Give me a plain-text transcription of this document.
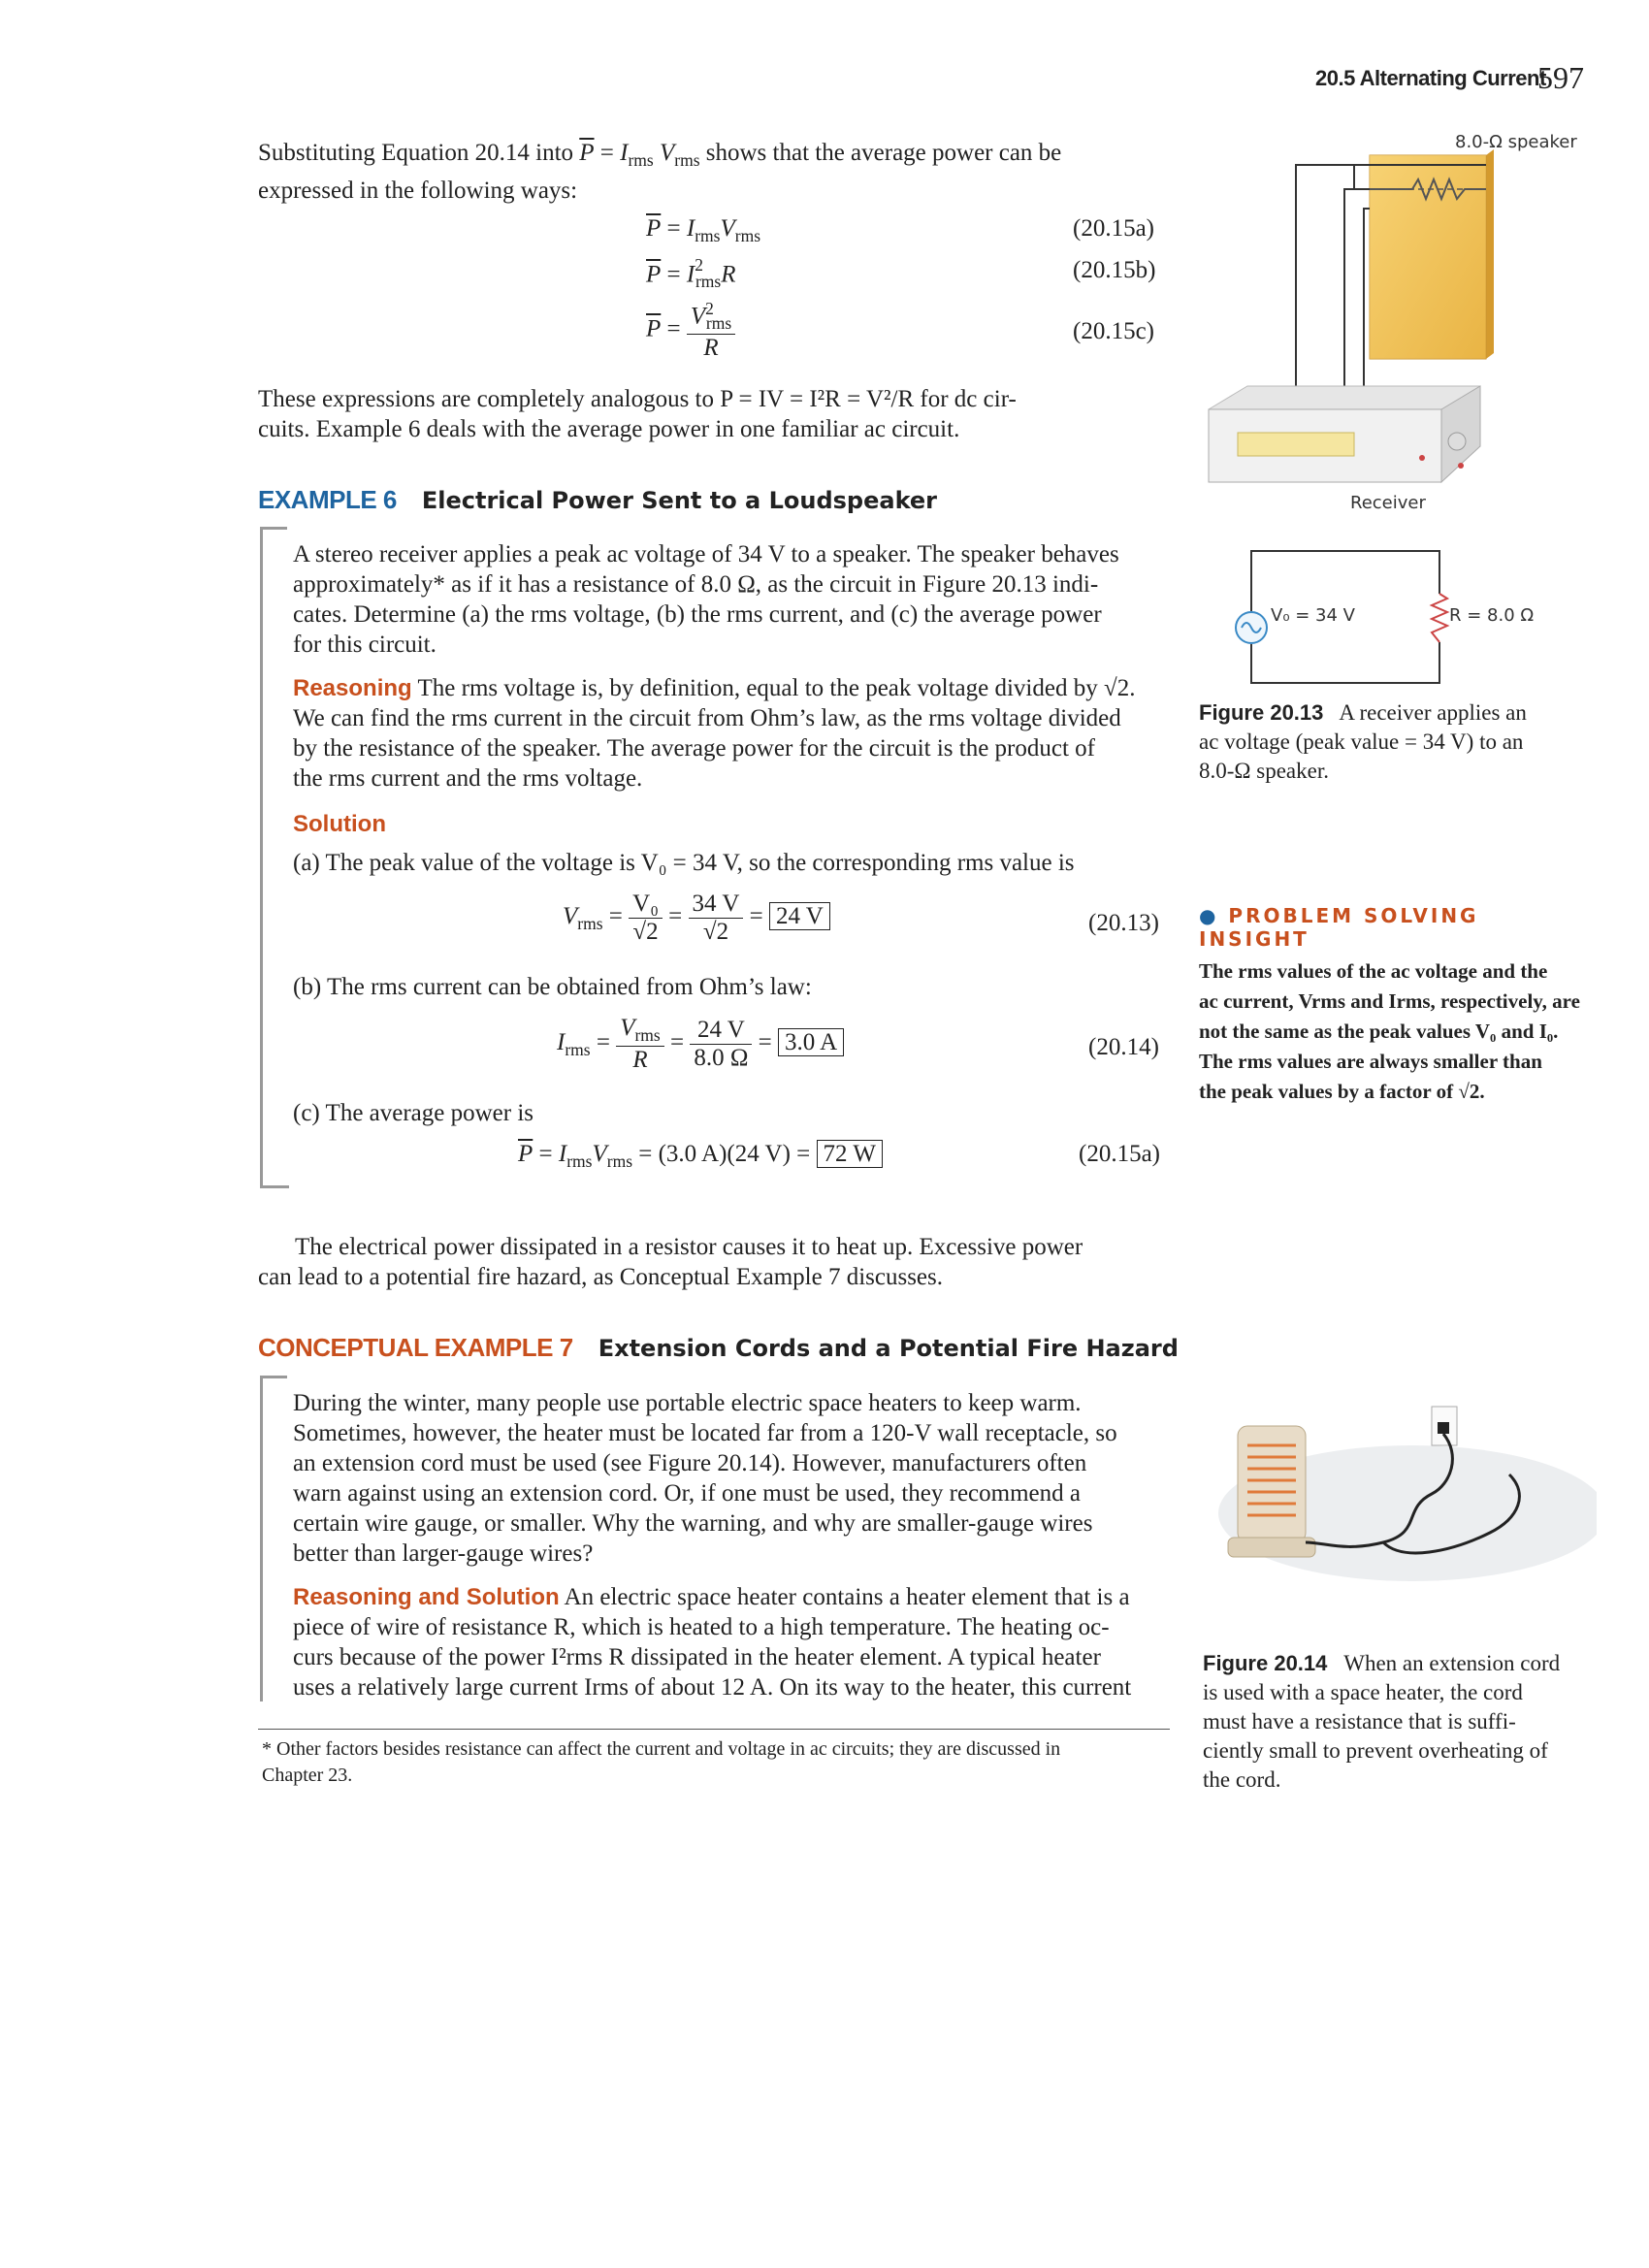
20.5 Alternating Current
597
Substituting Equation 20.14 into $\overline{P} = I_{rms}$ $V_{rms}$ shows that the average power can be
expressed in the following ways:
$\overline{P} = I_{rms}V_{rms}$	(20.15a)
$\overline{P} = I^2_{rms}R$	(20.15b)
$\overline{P} = \frac{V^2_{rms}}{R}$	(20.15c)
These expressions are completely analogous to P = IV = I²R = V²/R for dc cir-
cuits. Example 6 deals with the average power in one familiar ac circuit.
EXAMPLE 6 Electrical Power Sent to a Loudspeaker
A stereo receiver applies a peak ac voltage of 34 V to a speaker. The speaker behaves
approximately* as if it has a resistance of 8.0 Ω, as the circuit in Figure 20.13 indi-
cates. Determine (a) the rms voltage, (b) the rms current, and (c) the average power
for this circuit.
Reasoning The rms voltage is, by definition, equal to the peak voltage divided by √2.
We can find the rms current in the circuit from Ohm’s law, as the rms voltage divided
by the resistance of the speaker. The average power for the circuit is the product of
the rms current and the rms voltage.
Solution
(a) The peak value of the voltage is V₀ = 34 V, so the corresponding rms value is
$V_{rms} = \frac{\text{V₀}}{√2} = \frac{34 V}{√2} = 24$ V	(20.13)
(b) The rms current can be obtained from Ohm’s law:
$I_{rms} = \frac{V_{rms}}{R} = \frac{24 V}{8.0 \Omega} = 3.0$ A	(20.14)
(c) The average power is
$\overline{P} = I_{rms}V_{rms} = (3.0$ A)(24 V) = 72 W	(20.15a)
The electrical power dissipated in a resistor causes it to heat up. Excessive power
can lead to a potential fire hazard, as Conceptual Example 7 discusses.
CONCEPTUAL EXAMPLE 7 Extension Cords and a Potential Fire Hazard
During the winter, many people use portable electric space heaters to keep warm.
Sometimes, however, the heater must be located far from a 120-V wall receptacle, so
an extension cord must be used (see Figure 20.14). However, manufacturers often
warn against using an extension cord. Or, if one must be used, they recommend a
certain wire gauge, or smaller. Why the warning, and why are smaller-gauge wires
better than larger-gauge wires?
Reasoning and Solution An electric space heater contains a heater element that is a
piece of wire of resistance R, which is heated to a high temperature. The heating oc-
curs because of the power I²rms R dissipated in the heater element. A typical heater
uses a relatively large current Irms of about 12 A. On its way to the heater, this current
* Other factors besides resistance can affect the current and voltage in ac circuits; they are discussed in
Chapter 23.
8.0-Ω speaker
Receiver
V₀ = 34 V	R = 8.0 Ω
Figure 20.13 A receiver applies an
ac voltage (peak value = 34 V) to an
8.0-Ω speaker.
● PROBLEM SOLVING INSIGHT
The rms values of the ac voltage and the
ac current, Vrms and Irms, respectively, are
not the same as the peak values V₀ and I₀.
The rms values are always smaller than
the peak values by a factor of √2.
Figure 20.14 When an extension cord
is used with a space heater, the cord
must have a resistance that is suffi-
ciently small to prevent overheating of
the cord.
